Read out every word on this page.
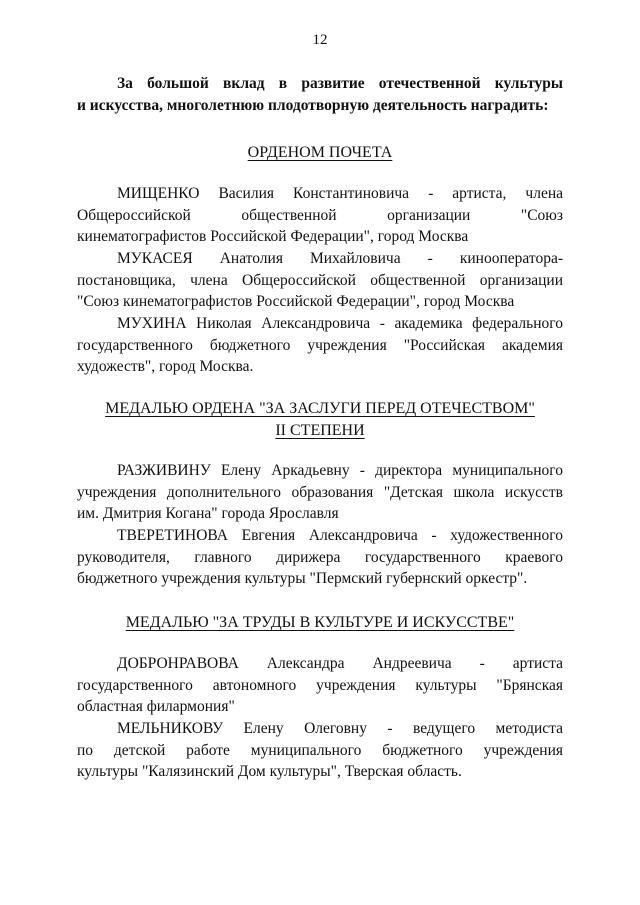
12
За большой вклад в развитие отечественной культуры
и искусства, многолетнюю плодотворную деятельность наградить:
ОРДЕНОМ ПОЧЕТА
МИЩЕНКО Василия Константиновича - артиста, члена
Общероссийской общественной организации "Союз
кинематографистов Российской Федерации", город Москва
МУКАСЕЯ Анатолия Михайловича - кинооператора-
постановщика, члена Общероссийской общественной организации
"Союз кинематографистов Российской Федерации", город Москва
МУХИНА Николая Александровича - академика федерального
государственного бюджетного учреждения "Российская академия
художеств", город Москва.
МЕДАЛЬЮ ОРДЕНА "ЗА ЗАСЛУГИ ПЕРЕД ОТЕЧЕСТВОМ"
II СТЕПЕНИ
РАЗЖИВИНУ Елену Аркадьевну - директора муниципального
учреждения дополнительного образования "Детская школа искусств
им. Дмитрия Когана" города Ярославля
ТВЕРЕТИНОВА Евгения Александровича - художественного
руководителя, главного дирижера государственного краевого
бюджетного учреждения культуры "Пермский губернский оркестр".
МЕДАЛЬЮ "ЗА ТРУДЫ В КУЛЬТУРЕ И ИСКУССТВЕ"
ДОБРОНРАВОВА Александра Андреевича - артиста
государственного автономного учреждения культуры "Брянская
областная филармония"
МЕЛЬНИКОВУ Елену Олеговну - ведущего методиста
по детской работе муниципального бюджетного учреждения
культуры "Калязинский Дом культуры", Тверская область.
